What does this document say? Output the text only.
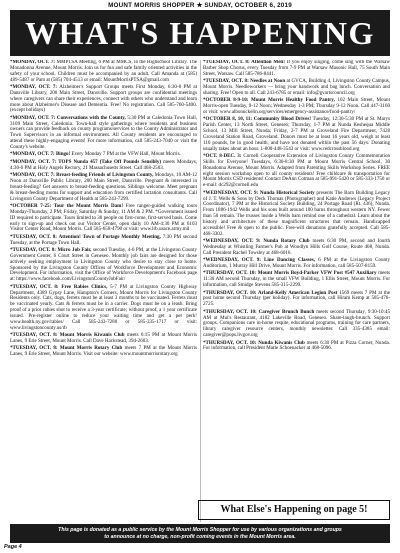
MOUNT MORRIS SHOPPER ★ SUNDAY, OCTOBER 6, 2019
WHAT'S HAPPENING

*MONDAY, OCT. 7: MMPTSA Meeting, 6 PM at MMCS, in the Highschool Library. The Monadonna Avenue, Mount Morris. Join us for fun and safe family oriented activities in the safety of your school. Children must be accompanied by an adult. Call Amanda at (585) 489-5487 or Pam at (585) 704-4513 or email: MountMorrisPTSA@gmail.com

*MONDAY, OCT. 7: Alzheimer's Support Groups meets First Monday, 6:30-8 PM at Dansville Library, 200 Main Street, Dansville. Support groups are confidential meetings where caregivers can share their experiences, connect with others who understand and learn more about Alzheimer's Disease and Dementia. Free! No registration. Call 585-760-5400. (except holidays)

*MONDAY, OCT. 7: Conversations with the County, 5:30 PM at Caledonia Town Hall, 3109 Main Street, Caledonia. Town-hall style gatherings where residents and business owners can provide feedback on county programs/services to the County Administrator and Town Supervisors in an informal environment. All County residents are encouraged to attend these highly-engaging events! For more information, call 585-243-7040 or visit the County's website.

*MONDAY, OCT. 7: Bingo! Every Monday 7 PM at the VFW Hall, Mount Morris.

*MONDAY, OCT. 7: TOPS Nunda 457 (Take Off Pounds Sensibly) meets Mondays, 4:30-6 PM at Holy Angels Rectory, 21 Massachusetts Street. Call 468-2503.

*MONDAY, OCT. 7: Breast-feeding Friends of Livingston County, Mondays, 10 AM-12 Noon at Dansville Public Library, 200 Main Street, Dansville. Pregnant & interested in breast-feeding? Get answers to breast-feeding questions. Siblings welcome. Meet pregnant & breast-feeding moms for support and education from certified lactation consultants. Call Livingston County Department of Health at 585-243-7299.

*OCTOBER 7-25: Tour the Mount Morris Dam! Free ranger-guided walking tours Monday-Thursday, 2 PM; Friday, Saturday & Sunday, 11 AM & 2 PM. *Government issued ID required to participate. Tours limited to 30 people on first-come, first-served basis. Come early to sign-up and check out our Visitor Center, open daily 10 AM-4:30 PM at 6103 Visitor Center Road, Mount Morris. Call 585-658-4790 or visit: www.lrb.usace.army.mil

*TUESDAY, OCT. 8: Attention! Town of Portage Monthly Meeting, 7:30 PM second Tuesday, at the Portage Town Hall.

*TUESDAY, OCT. 8: Micro Job Fair, second Tuesday, 4-6 PM, at the Livingston County Government Center, 6 Court Street in Geneseo. Monthly job fairs are designed for those actively seeking employment in Livingston County who desire to stay close to home. Sponsored by the Livingston County Offices of Workforce Development and Economic Development. For information, visit the Office of Workforce Development's Facebook page at: https://www.facebook.com/LivingstonCountyJobFair/

*TUESDAY, OCT. 8: Free Rabies Clinics, 5-7 PM at Livingston County Highway Department, 4389 Gypsy Lane, Hampton's Corners, Mount Morris for Livingston County Residents only. Cats, dogs, ferrets must be at least 3 months to be vaccinated. Ferrets must be vaccinated yearly. Cats & ferrets must be in a carrier. Dogs must be on a leash. Bring proof of a prior rabies shot to receive a 3-year certificate; without proof, a 1 year certificate issued. Pre-register online to reduce your waiting time and get a pet perk! www.health.ny.gov/rabies/ Call 585-243-7280 or 585-335-1717 or visit: www.livingstoncounty.us/rb

*TUESDAY, OCT. 8: Mount Morris Kiwanis Club meets 6:15 PM at Mount Morris Lanes, 9 Erie Street, Mount Morris. Call Dave Hackstead, 394-2603.

*TUESDAY, OCT. 8: Mount Morris Rotary Club meets 7 PM at the Mount Morris Lanes, 9 Erie Street, Mount Morris. Visit our website: www.mountmorrisrotary.org

*TUESDAY, OCT. 8: Attention Men! If you enjoy singing, come sing with the Warsaw Barber Shop Chorus, every Tuesday from 7-9 PM at Warsaw Masonic Hall, 75 South Main Street, Warsaw. Call 585-786-8441.

*TUESDAY, OCT. 8: Needles at Noon at GVCA, Building 4, Livingston County Campus, Mount Morris. Needleworkers — bring your handwork and bag lunch. Conversation and sharing. Free! Open to all. Call 243-6785 or email: info@gvartscouncil.org

*OCTOBER 8-9-10: Mount Morris Healthy Food Pantry, 102 Main Street, Mount Morris-open Tuesday, 9-12 Noon; Wednesday 1-3 PM; Thursday 9-12 Noon. Call 447-3160 or visit: www.albonuckelin.org/services/emergency-assistance/food-pantry/

*OCTOBER 8, 10, 11: Community Blood Drives! Tuesday, 12:30-5:30 PM at St. Marys Parish Center, 13 North Street, Geneseo; Thursday, 1-7 PM at Nunda Keshequa Middle School, 13 Mill Street, Nunda; Friday, 2-7 PM at Groveland Fire Department, 7428 Groveland Station Road, Groveland. Donors must be at least 16 years old, weigh at least 110 pounds, be in good health, and have not donated within the past 56 days. Donating usually takes about an hour. 1-800-448-3543 or visit: www.redcrossblood.org

*OCT. 8-DEC. 3: Cornell Cooperative Extension of Livingston County Commemoration Skills for Everyone! Tuesdays, 6:30-8:30 PM at Mount Morris Central School, 30 Bonadonna Avenue, Mount Morris. Adapted from Parenting Skills Workshop Series. FREE eight session workshop open to all county residents! Free childcare & transportation for Mount Morris CSD residents! Contact DeAnn Cotman at 585-991-5420 or 585-333-1750 or e-mail: dc292@cornell.edu

*WEDNESDAY, OCT. 9: Nunda Historical Society presents The Barn Building Legacy of J. T. Wells & Sons by Deck Thomas (Photographer) and Katie Andrews (Legacy Project Coordinator), 7 PM at the Historical Society Building, 24 Portage Road (Rt. 436), Nunda. From 1886-1942 Wells and his sons built around 100 barns throughout western NY. Fewer than 50 remain. The trusses inside a Wells barn remind one of a cathedral. Learn about the history and architecture of these magnificent structures that remain. Handicapped accessible! Free & open to the public. Free-will donations gratefully accepted. Call 585-468-3302.

*WEDNESDAY, OCT. 9: Nunda Rotary Club meets 6:30 PM, second and fourth Wednesday at Whistling Farmer's Pub at Woodlyn Hills Golf Course, Route 408, Nunda. Call President Rachel Towsley at 468-6016.

*WEDNESDAY, OCT. 9: Line Dancing Classes, 6 PM at the Livingston County Auditorium, 1 Murray Hill Drive, Mount Morris. For information, call 585-507-8159.

*THURSDAY, OCT. 10: Mount Morris Boyd-Parker VFW Post #547 Auxiliary meets 11:30 AM second Thursday, in the small VFW Building, 1 Ellis Street, Mount Morris. For information, call Smidge Stevens 585-315-2299.

*THURSDAY, OCT. 10: Arland-Kelly American Legion Post 1569 meets 7 PM at the post home second Thursday (per holiday). For information, call Hiram Kemp at 585-476-2725.

*THURSDAY, OCT. 10: Caregiver Brunch Bunch meets second Thursday, 9:30-10:45 AM at Mui's Restaurant, 4182 Lakeville Road, Geneseo. Share-laugh-brunch. Support groups. Companions care in-home respite, educational programs, training for care partners, library caregiver resource centers, monthly newsletter. Call 335-4385 email: caregiver@pops.livgov.org

*THURSDAY, OCT. 10: Nunda Kiwanis Club meets 6:30 PM at Pizza Corner, Nunda. For information, call President Marie Schoenacker at 468-5096.

What Else's Happening on page 5!
This page is donated as a public service by the Mount Morris Shopper for use by various organizations and groups
to announce at no charge, non-profit coming events in the Mount Morris area.
Page 4
